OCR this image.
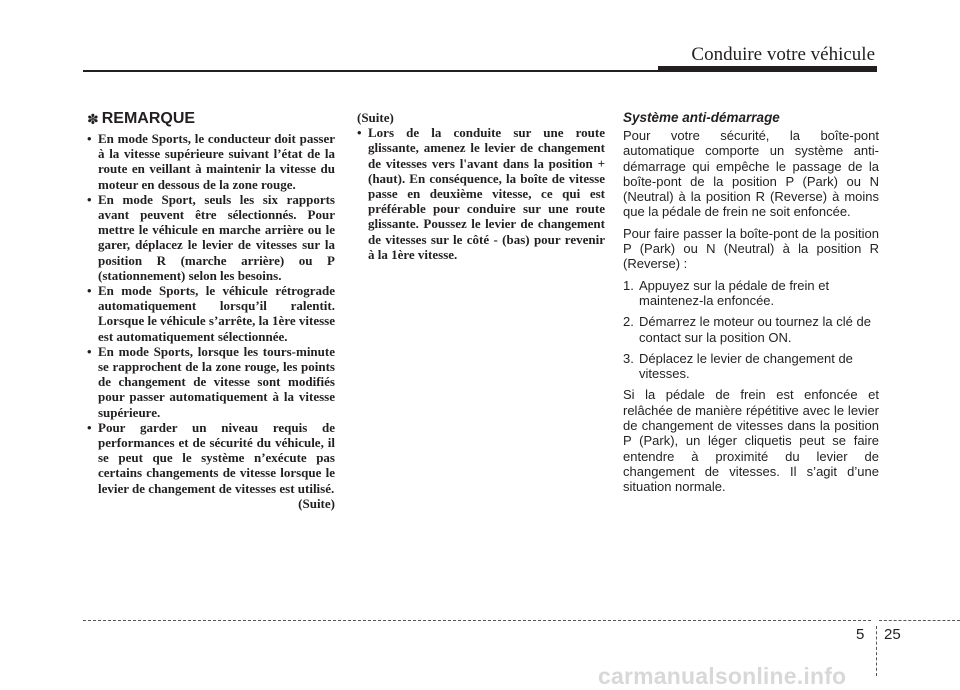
Conduire votre véhicule
✽ REMARQUE
• En mode Sports, le conducteur doit passer à la vitesse supérieure suivant l’état de la route en veillant à maintenir la vitesse du moteur en dessous de la zone rouge.
• En mode Sport, seuls les six rapports avant peuvent être sélectionnés. Pour mettre le véhicule en marche arrière ou le garer, déplacez le levier de vitesses sur la position R (marche arrière) ou P (stationnement) selon les besoins.
• En mode Sports, le véhicule rétrograde automatiquement lorsqu’il ralentit. Lorsque le véhicule s’arrête, la 1ère vitesse est automatiquement sélectionnée.
• En mode Sports, lorsque les tours-minute se rapprochent de la zone rouge, les points de changement de vitesse sont modifiés pour passer automatiquement à la vitesse supérieure.
• Pour garder un niveau requis de performances et de sécurité du véhicule, il se peut que le système n’exécute pas certains changements de vitesse lorsque le levier de changement de vitesses est utilisé.

(Suite)

(Suite)

• Lors de la conduite sur une route glissante, amenez le levier de changement de vitesses vers l'avant dans la position +(haut). En conséquence, la boîte de vitesse passe en deuxième vitesse, ce qui est préférable pour conduire sur une route glissante. Poussez le levier de changement de vitesses sur le côté - (bas) pour revenir à la 1ère vitesse.
Système anti-démarrage

Pour votre sécurité, la boîte-pont automatique comporte un système anti-démarrage qui empêche le passage de la boîte-pont de la position P (Park) ou N (Neutral) à la position R (Reverse) à moins que la pédale de frein ne soit enfoncée.

Pour faire passer la boîte-pont de la position P (Park) ou N (Neutral) à la position R (Reverse) :

1. Appuyez sur la pédale de frein et maintenez-la enfoncée.
2. Démarrez le moteur ou tournez la clé de contact sur la position ON.
3. Déplacez le levier de changement de vitesses.

Si la pédale de frein est enfoncée et relâchée de manière répétitive avec le levier de changement de vitesses dans la position P (Park), un léger cliquetis peut se faire entendre à proximité du levier de changement de vitesses. Il s’agit d’une situation normale.

5 25
carmanualsonline.info
